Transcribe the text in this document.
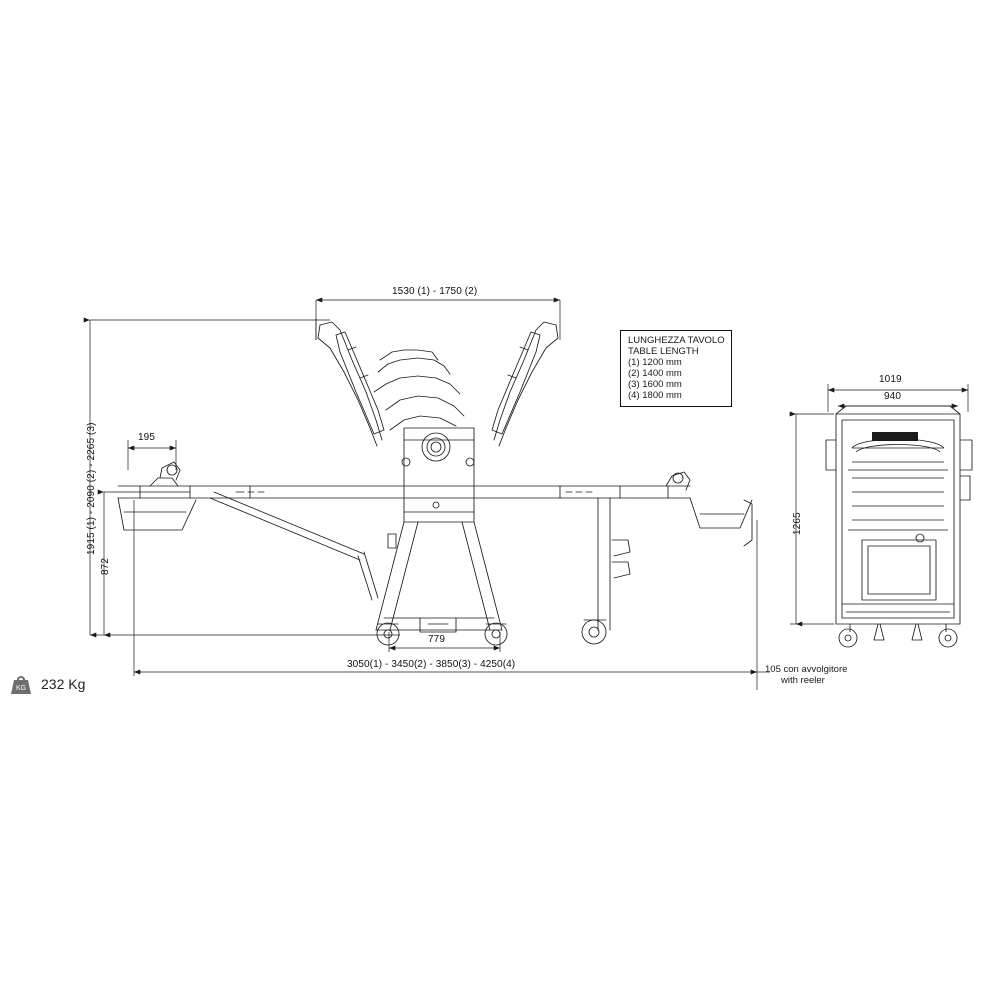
1530 (1) - 1750 (2)
195
1915 (1) - 2090 (2) - 2265 (3)
872
779
3050(1) - 3450(2) - 3850(3) - 4250(4)
1019
940
1265
LUNGHEZZA TAVOLO
TABLE LENGTH
(1) 1200 mm
(2) 1400 mm
(3) 1600 mm
(4) 1800 mm
105 con avvolgitore
with reeler
KG 232 Kg
